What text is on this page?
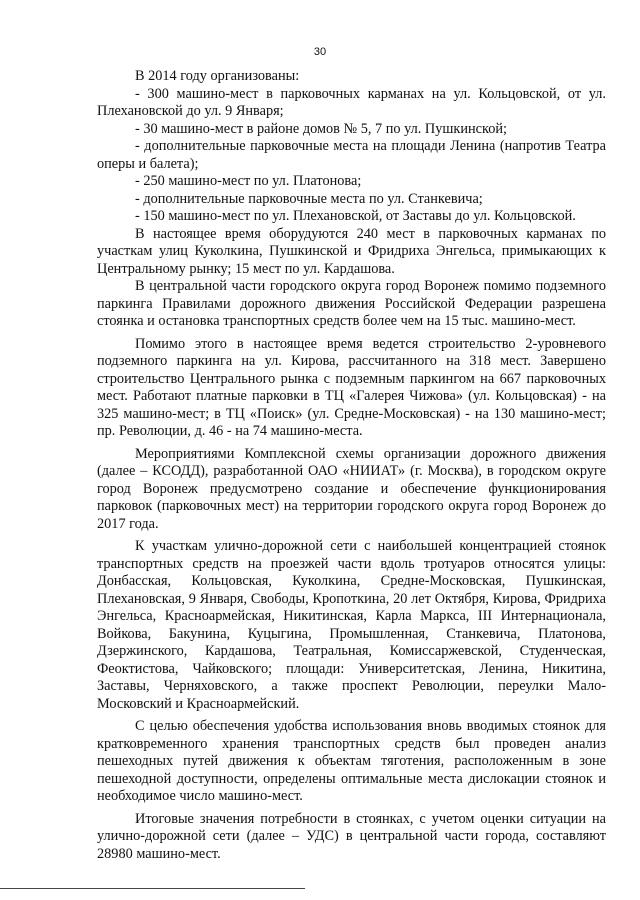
30

В 2014 году организованы:

- 300 машино-мест в парковочных карманах на ул. Кольцовской, от ул. Плехановской до ул. 9 Января;

- 30 машино-мест в районе домов № 5, 7 по ул. Пушкинской;

- дополнительные парковочные места на площади Ленина (напротив Театра оперы и балета);

- 250 машино-мест по ул. Платонова;

- дополнительные парковочные места по ул. Станкевича;

- 150 машино-мест по ул. Плехановской, от Заставы до ул. Кольцовской.

В настоящее время оборудуются 240 мест в парковочных карманах по участкам улиц Куколкина, Пушкинской и Фридриха Энгельса, примыкающих к Центральному рынку; 15 мест по ул. Кардашова.

В центральной части городского округа город Воронеж помимо подземного паркинга Правилами дорожного движения Российской Федерации разрешена стоянка и остановка транспортных средств более чем на 15 тыс. машино-мест.

Помимо этого в настоящее время ведется строительство 2-уровневого подземного паркинга на ул. Кирова, рассчитанного на 318 мест. Завершено строительство Центрального рынка с подземным паркингом на 667 парковочных мест. Работают платные парковки в ТЦ «Галерея Чижова» (ул. Кольцовская) - на 325 машино-мест; в ТЦ «Поиск» (ул. Средне-Московская) - на 130 машино-мест; пр. Революции, д. 46 - на 74 машино-места.

Мероприятиями Комплексной схемы организации дорожного движения (далее – КСОДД), разработанной ОАО «НИИАТ» (г. Москва), в городском округе город Воронеж предусмотрено создание и обеспечение функционирования парковок (парковочных мест) на территории городского округа город Воронеж до 2017 года.

К участкам улично-дорожной сети с наибольшей концентрацией стоянок транспортных средств на проезжей части вдоль тротуаров относятся улицы: Донбасская, Кольцовская, Куколкина, Средне-Московская, Пушкинская, Плехановская, 9 Января, Свободы, Кропоткина, 20 лет Октября, Кирова, Фридриха Энгельса, Красноармейская, Никитинская, Карла Маркса, III Интернационала, Войкова, Бакунина, Куцыгина, Промышленная, Станкевича, Платонова, Дзержинского, Кардашова, Театральная, Комиссаржевской, Студенческая, Феоктистова, Чайковского; площади: Университетская, Ленина, Никитина, Заставы, Черняховского, а также проспект Революции, переулки Мало-Московский и Красноармейский.

С целью обеспечения удобства использования вновь вводимых стоянок для кратковременного хранения транспортных средств был проведен анализ пешеходных путей движения к объектам тяготения, расположенным в зоне пешеходной доступности, определены оптимальные места дислокации стоянок и необходимое число машино-мест.

Итоговые значения потребности в стоянках, с учетом оценки ситуации на улично-дорожной сети (далее – УДС) в центральной части города, составляют 28980 машино-мест.
